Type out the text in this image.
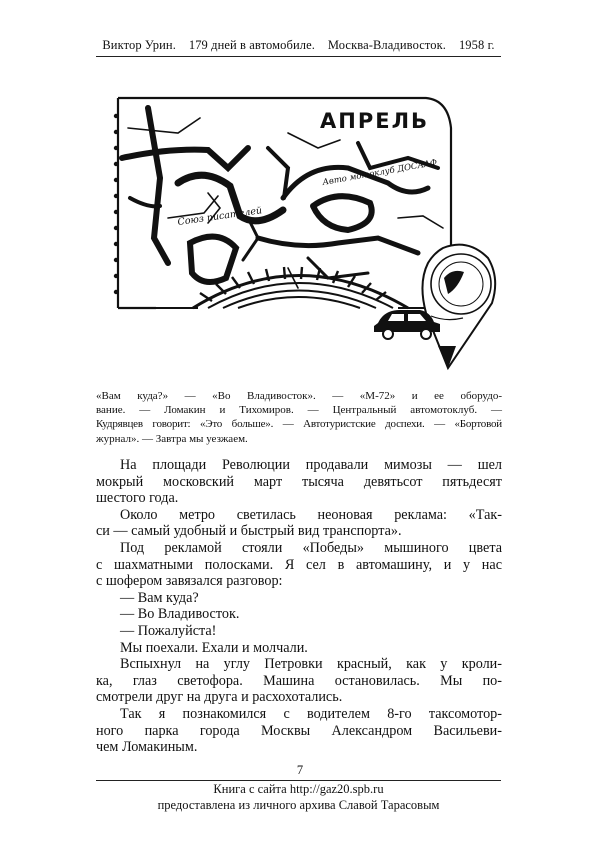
Виктор Урин. 179 дней в автомобиле. Москва-Владивосток. 1958 г.
АПРЕЛЬ
Союз писателей
Авто мотоклуб ДОСААФ
«Вам куда?» — «Во Владивосток». — «М-72» и ее оборудо-
вание. — Ломакин и Тихомиров. — Центральный автомотоклуб. —
Кудрявцев говорит: «Это больше». — Автотуристские доспехи. — «Бортовой
журнал». — Завтра мы уезжаем.
На площади Революции продавали мимозы — шел
мокрый московский март тысяча девятьсот пятьдесят
шестого года.
Около метро светилась неоновая реклама: «Так-
си — самый удобный и быстрый вид транспорта».
Под рекламой стояли «Победы» мышиного цвета
с шахматными полосками. Я сел в автомашину, и у нас
с шофером завязался разговор:
— Вам куда?
— Во Владивосток.
— Пожалуйста!
Мы поехали. Ехали и молчали.
Вспыхнул на углу Петровки красный, как у кроли-
ка, глаз светофора. Машина остановилась. Мы по-
смотрели друг на друга и расхохотались.
Так я познакомился с водителем 8-го таксомотор-
ного парка города Москвы Александром Васильеви-
чем Ломакиным.
7
Книга с сайта http://gaz20.spb.ru
предоставлена из личного архива Славой Тарасовым
